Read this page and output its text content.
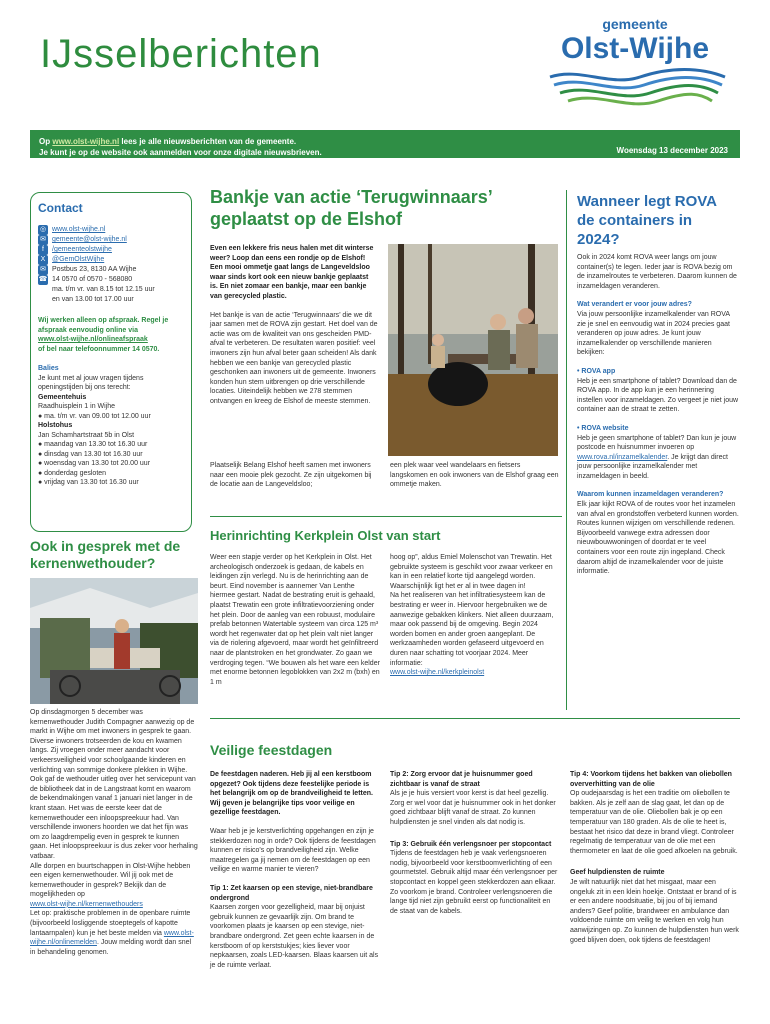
IJsselberichten
gemeente
Olst-Wijhe
Op www.olst-wijhe.nl lees je alle nieuwsberichten van de gemeente.
Je kunt je op de website ook aanmelden voor onze digitale nieuwsbrieven.	Woensdag 13 december 2023
Contact
◎ www.olst-wijhe.nl
✉ gemeente@olst-wijhe.nl
f	/gemeenteolstwijhe
X @GemOlstWijhe
✉ Postbus 23, 8130 AA Wijhe
☎ 14 0570 of 0570 - 568080
ma. t/m vr. van 8.15 tot 12.15 uur
en van 13.00 tot 17.00 uur
Wij werken alleen op afspraak. Regel je afspraak eenvoudig online via
www.olst-wijhe.nl/onlineafspraak
of bel naar telefoonnummer 14 0570.
Balies
Je kunt met al jouw vragen tijdens openingstijden bij ons terecht:
Gemeentehuis
Raadhuisplein 1 in Wijhe
● ma. t/m vr. van 09.00 tot 12.00 uur
Holstohus
Jan Schamhartstraat 5b in Olst
● maandag van 13.30 tot 16.30 uur
● dinsdag van 13.30 tot 16.30 uur
● woensdag van 13.30 tot 20.00 uur
● donderdag gesloten
● vrijdag van 13.30 tot 16.30 uur
Ook in gesprek met de kernenwethouder?

Op dinsdagmorgen 5 december was kernenwethouder Judith Compagner aanwezig op de markt in Wijhe om met inwoners in gesprek te gaan. Diverse inwoners trotseerden de kou en kwamen langs. Zij vroegen onder meer aandacht voor verkeersveiligheid voor schoolgaande kinderen en verlichting van sommige donkere plekken in Wijhe. Ook gaf de wethouder uitleg over het servicepunt van de bibliotheek dat in de Langstraat komt en waarom de bekendmakingen vanaf 1 januari niet langer in de krant staan. Het was de eerste keer dat de kernenwethouder een inloopspreekuur had. Van verschillende inwoners hoorden we dat het fijn was om zo laagdrempelig even in gesprek te kunnen gaan. Het inloopspreekuur is dus zeker voor herhaling vatbaar.

Alle dorpen en buurtschappen in Olst-Wijhe hebben een eigen kernenwethouder. Wil jij ook met de kernenwethouder in gesprek? Bekijk dan de mogelijkheden op

www.olst-wijhe.nl/kernenwethouders

Let op: praktische problemen in de openbare ruimte (bijvoorbeeld losliggende stoeptegels of kapotte lantaarnpalen) kun je het beste melden via www.olst-wijhe.nl/onlinemelden. Jouw melding wordt dan snel in behandeling genomen.

Bankje van actie ‘Terugwinnaars’ geplaatst op de Elshof

Even een lekkere fris neus halen met dit winterse weer? Loop dan eens een rondje op de Elshof! Een mooi ommetje gaat langs de Langeveldsloo waar sinds kort ook een nieuw bankje geplaatst is. En niet zomaar een bankje, maar een bankje van gerecycled plastic.

Het bankje is van de actie ‘Terugwinnaars’ die we dit jaar samen met de ROVA zijn gestart. Het doel van de actie was om de kwaliteit van ons gescheiden PMD-afval te verbeteren. De resultaten waren positief: veel inwoners zijn hun afval beter gaan scheiden! Als dank hebben we een bankje van gerecycled plastic geschonken aan inwoners uit de gemeente. Inwoners konden hun stem uitbrengen op drie verschillende locaties. Uiteindelijk hebben we 278 stemmen ontvangen en kreeg de Elshof de meeste stemmen.

Plaatselijk Belang Elshof heeft samen met inwoners naar een mooie plek gezocht. Ze zijn uitgekomen bij de locatie aan de Langeveldsloo;
een plek waar veel wandelaars en fietsers langskomen en ook inwoners van de Elshof graag een ommetje maken.
Wanneer legt ROVA de containers in 2024?

Ook in 2024 komt ROVA weer langs om jouw container(s) te legen. Ieder jaar is ROVA bezig om de inzamelroutes te verbeteren. Daarom kunnen de inzameldagen veranderen.

Wat verandert er voor jouw adres?

Via jouw persoonlijke inzamelkalender van ROVA zie je snel en eenvoudig wat in 2024 precies gaat veranderen op jouw adres. Je kunt jouw inzamelkalender op verschillende manieren bekijken:

• ROVA app

Heb je een smartphone of tablet? Download dan de ROVA app. In de app kun je een herinnering instellen voor inzameldagen. Zo vergeet je niet jouw container aan de straat te zetten.

• ROVA website

Heb je geen smartphone of tablet? Dan kun je jouw postcode en huisnummer invoeren op www.rova.nl/inzamelkalender. Je krijgt dan direct jouw persoonlijke inzamelkalender met inzameldagen in beeld.

Waarom kunnen inzameldagen veranderen?

Elk jaar kijkt ROVA of de routes voor het inzamelen van afval en grondstoffen verbeterd kunnen worden. Routes kunnen wijzigen om verschillende redenen. Bijvoorbeeld vanwege extra adressen door nieuwbouwwoningen of doordat er te veel containers voor een route zijn ingepland. Check daarom altijd de inzamelkalender voor de juiste informatie.

Herinrichting Kerkplein Olst van start
Weer een stapje verder op het Kerkplein in Olst. Het archeologisch onderzoek is gedaan, de kabels en leidingen zijn verlegd. Nu is de herinrichting aan de beurt. Eind november is aannemer Van Lenthe hiermee gestart. Nadat de bestrating eruit is gehaald, plaatst Trewatin een grote infiltratievoorziening onder het plein. Door de aanleg van een robuust, modulaire prefab betonnen Watertable systeem van circa 125 m³ wordt het regenwater dat op het plein valt niet langer via de riolering afgevoerd, maar wordt het geïnfiltreerd naar de plantstroken en het grondwater. Zo gaan we verdroging tegen. “We bouwen als het ware een kelder met enorme betonnen legoblokken van 2x2 m (bxh) en 1 m
hoog op”, aldus Emiel Molenschot van Trewatin. Het gebruikte systeem is geschikt voor zwaar verkeer en kan in een relatief korte tijd aangelegd worden. Waarschijnlijk ligt het er al in twee dagen in!
Na het realiseren van het infiltratiesysteem kan de bestrating er weer in. Hiervoor hergebruiken we de aanwezige gebakken klinkers. Niet alleen duurzaam, maar ook passend bij de omgeving. Begin 2024 worden bomen en ander groen aangeplant. De werkzaamheden worden gefaseerd uitgevoerd en duren naar schatting tot voorjaar 2024. Meer informatie:
www.olst-wijhe.nl/kerkpleinolst
Veilige feestdagen

De feestdagen naderen. Heb jij al een kerstboom opgezet? Ook tijdens deze feestelijke periode is het belangrijk om op de brandveiligheid te letten. Wij geven je belangrijke tips voor veilige en gezellige feestdagen.

Waar heb je je kerstverlichting opgehangen en zijn je stekkerdozen nog in orde? Ook tijdens de feestdagen kunnen er risico's op brandveiligheid zijn. Welke maatregelen ga jij nemen om de feestdagen op een veilige en warme manier te vieren?

Tip 1: Zet kaarsen op een stevige, niet-brandbare ondergrond

Kaarsen zorgen voor gezelligheid, maar bij onjuist gebruik kunnen ze gevaarlijk zijn. Om brand te voorkomen plaats je kaarsen op een stevige, niet-brandbare ondergrond. Zet geen echte kaarsen in de kerstboom of op kerststukjes; kies liever voor nepkaarsen, zoals LED-kaarsen. Blaas kaarsen uit als je de ruimte verlaat.

Tip 2: Zorg ervoor dat je huisnummer goed zichtbaar is vanaf de straat

Als je je huis versiert voor kerst is dat heel gezellig. Zorg er wel voor dat je huisnummer ook in het donker goed zichtbaar blijft vanaf de straat. Zo kunnen hulpdiensten je snel vinden als dat nodig is.

Tip 3: Gebruik één verlengsnoer per stopcontact

Tijdens de feestdagen heb je vaak verlengsnoeren nodig, bijvoorbeeld voor kerstboomverlichting of een gourmetstel. Gebruik altijd maar één verlengsnoer per stopcontact en koppel geen stekkerdozen aan elkaar. Zo voorkom je brand. Controleer verlengsnoeren die lange tijd niet zijn gebruikt eerst op functionaliteit en de staat van de kabels.

Tip 4: Voorkom tijdens het bakken van oliebollen oververhitting van de olie

Op oudejaarsdag is het een traditie om oliebollen te bakken. Als je zelf aan de slag gaat, let dan op de temperatuur van de olie. Oliebollen bak je op een temperatuur van 180 graden. Als de olie te heet is, bestaat het risico dat deze in brand vliegt. Controleer regelmatig de temperatuur van de olie met een thermometer en laat de olie goed afkoelen na gebruik.

Geef hulpdiensten de ruimte

Je wilt natuurlijk niet dat het misgaat, maar een ongeluk zit in een klein hoekje. Ontstaat er brand of is er een andere noodsituatie, bij jou of bij iemand anders? Geef politie, brandweer en ambulance dan voldoende ruimte om veilig te werken en volg hun aanwijzingen op. Zo kunnen de hulpdiensten hun werk goed blijven doen, ook tijdens de feestdagen!
